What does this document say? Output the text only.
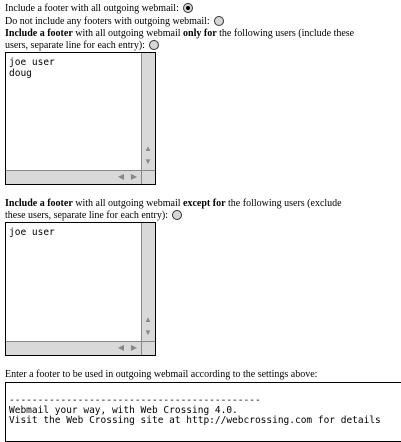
Include a footer with all outgoing webmail:
Do not include any footers with outgoing webmail:
Include a footer with all outgoing webmail only for the following users (include these
users, separate line for each entry):
joe user
doug
▲
▼
◀ ▶
Include a footer with all outgoing webmail except for the following users (exclude
these users, separate line for each entry):
joe user
▲
▼
◀ ▶
Enter a footer to be used in outgoing webmail according to the settings above:
--------------------------------------------
Webmail your way, with Web Crossing 4.0.
Visit the Web Crossing site at http://webcrossing.com for details
